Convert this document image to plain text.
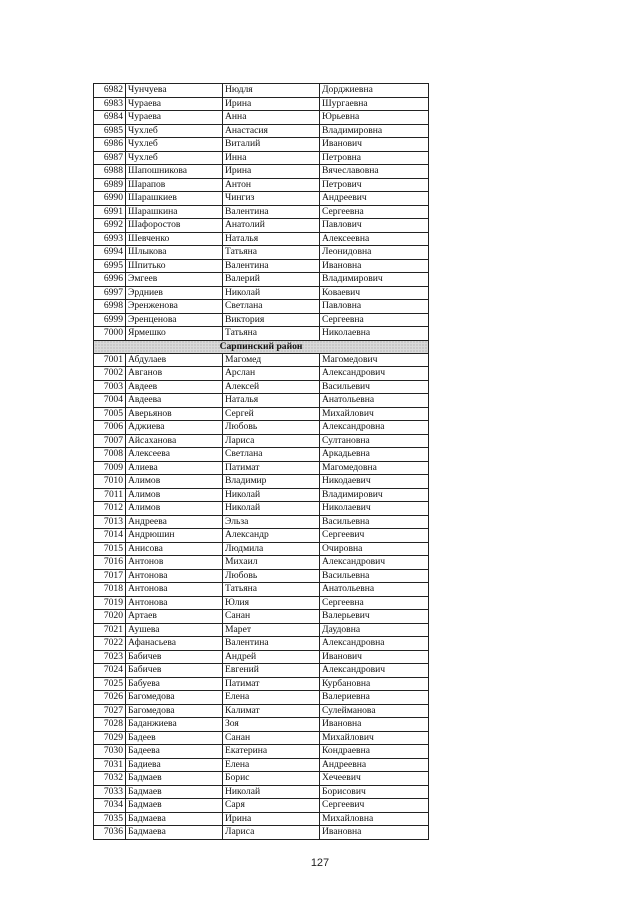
6982	Чунчуева	Нюдля	Дорджиевна
6983	Чураева	Ирина	Шургаевна
6984	Чураева	Анна	Юрьевна
6985	Чухлеб	Анастасия	Владимировна
6986	Чухлеб	Виталий	Иванович
6987	Чухлеб	Инна	Петровна
6988	Шапошникова	Ирина	Вячеславовна
6989	Шарапов	Антон	Петрович
6990	Шарашкиев	Чингиз	Андреевич
6991	Шарашкина	Валентина	Сергеевна
6992	Шафоростов	Анатолий	Павлович
6993	Шевченко	Наталья	Алексеевна
6994	Шлыкова	Татьяна	Леонидовна
6995	Шпитько	Валентина	Ивановна
6996	Эмгеев	Валерий	Владимирович
6997	Эрдниев	Николай	Коваевич
6998	Эренженова	Светлана	Павловна
6999	Эренценова	Виктория	Сергеевна
7000	Ярмешко	Татьяна	Николаевна
Сарпинский район			
7001	Абдулаев	Магомед	Магомедович
7002	Авганов	Арслан	Александрович
7003	Авдеев	Алексей	Васильевич
7004	Авдеева	Наталья	Анатольевна
7005	Аверьянов	Сергей	Михайлович
7006	Аджиева	Любовь	Александровна
7007	Айсаханова	Лариса	Султановна
7008	Алексеева	Светлана	Аркадьевна
7009	Алиева	Патимат	Магомедовна
7010	Алимов	Владимир	Никодаевич
7011	Алимов	Николай	Владимирович
7012	Алимов	Николай	Николаевич
7013	Андреева	Эльза	Васильевна
7014	Андрюшин	Александр	Сергеевич
7015	Анисова	Людмила	Очировна
7016	Антонов	Михаил	Александрович
7017	Антонова	Любовь	Васильевна
7018	Антонова	Татьяна	Анатольевна
7019	Антонова	Юлия	Сергеевна
7020	Артаев	Санан	Валерьевич
7021	Аушева	Марет	Даудовна
7022	Афанасьева	Валентина	Александровна
7023	Бабичев	Андрей	Иванович
7024	Бабичев	Евгений	Александрович
7025	Бабуева	Патимат	Курбановна
7026	Багомедова	Елена	Валериевна
7027	Багомедова	Калимат	Сулейманова
7028	Баданжиева	Зоя	Ивановна
7029	Бадеев	Санан	Михайлович
7030	Бадеева	Екатерина	Кондраевна
7031	Бадиева	Елена	Андреевна
7032	Бадмаев	Борис	Хечеевич
7033	Бадмаев	Николай	Борисович
7034	Бадмаев	Саря	Сергеевич
7035	Бадмаева	Ирина	Михайловна
7036	Бадмаева	Лариса	Ивановна
127
